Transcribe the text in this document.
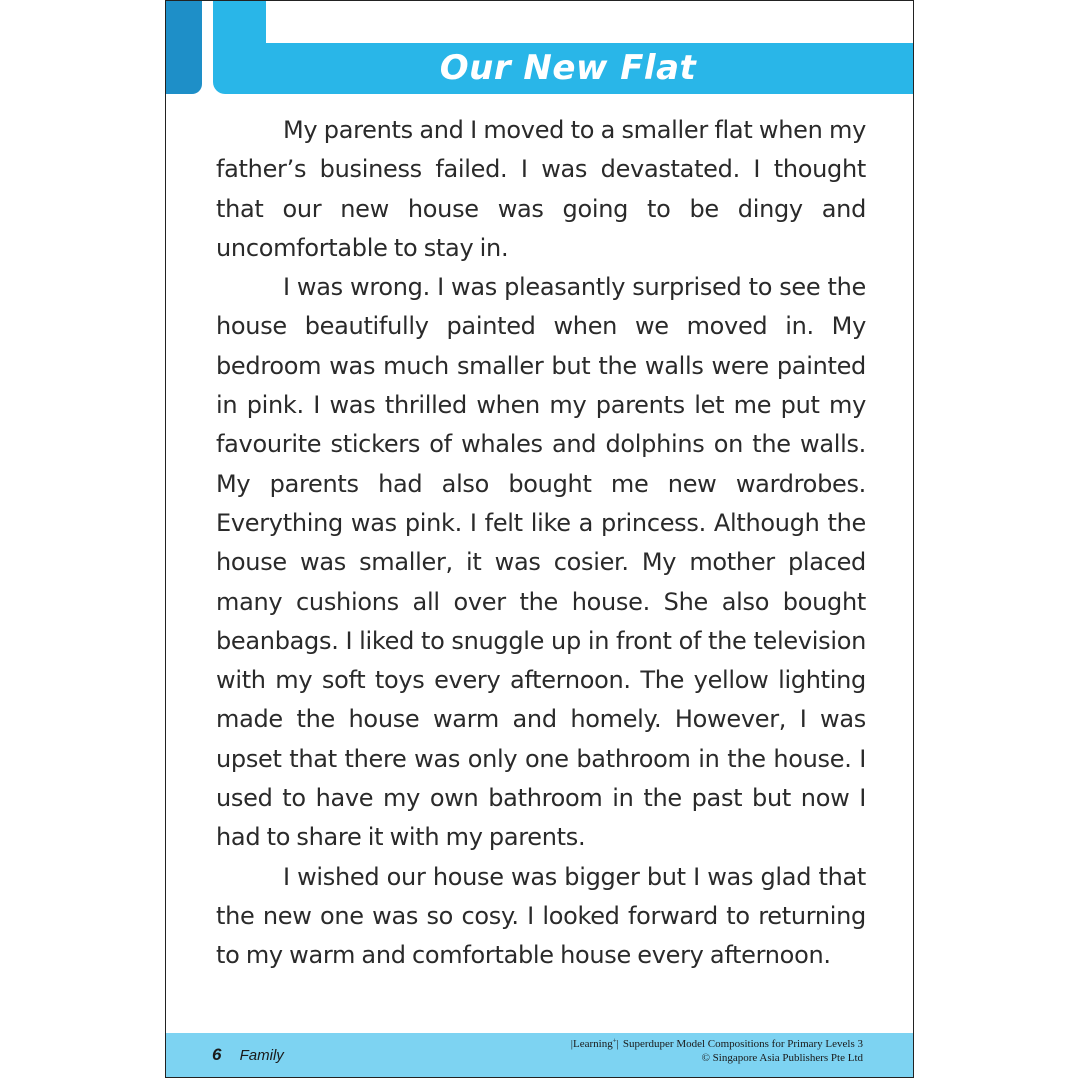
Our New Flat

My parents and I moved to a smaller flat when my father’s business failed. I was devastated. I thought that our new house was going to be dingy and uncomfortable to stay in.

I was wrong. I was pleasantly surprised to see the house beautifully painted when we moved in. My bedroom was much smaller but the walls were painted in pink. I was thrilled when my parents let me put my favourite stickers of whales and dolphins on the walls. My parents had also bought me new wardrobes. Everything was pink. I felt like a princess. Although the house was smaller, it was cosier. My mother placed many cushions all over the house. She also bought beanbags. I liked to snuggle up in front of the television with my soft toys every afternoon. The yellow lighting made the house warm and homely. However, I was upset that there was only one bathroom in the house. I used to have my own bathroom in the past but now I had to share it with my parents.

I wished our house was bigger but I was glad that the new one was so cosy. I looked forward to returning to my warm and comfortable house every afternoon.

6 Family
|Learning+| Superduper Model Compositions for Primary Levels 3
© Singapore Asia Publishers Pte Ltd
